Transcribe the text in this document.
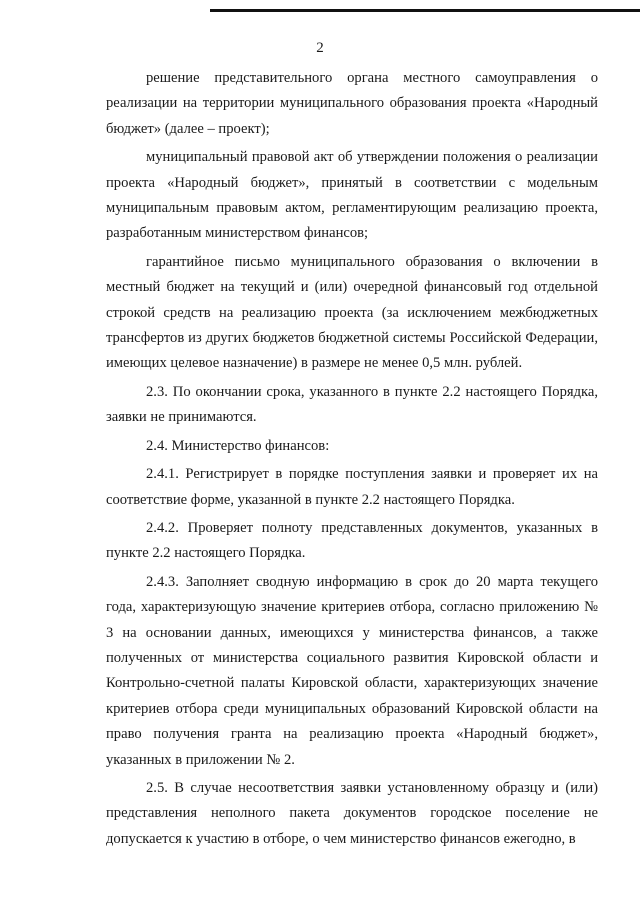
2

решение представительного органа местного самоуправления о реализации на территории муниципального образования проекта «Народный бюджет» (далее – проект);

муниципальный правовой акт об утверждении положения о реализации проекта «Народный бюджет», принятый в соответствии с модельным муниципальным правовым актом, регламентирующим реализацию проекта, разработанным министерством финансов;

гарантийное письмо муниципального образования о включении в местный бюджет на текущий и (или) очередной финансовый год отдельной строкой средств на реализацию проекта (за исключением межбюджетных трансфертов из других бюджетов бюджетной системы Российской Федерации, имеющих целевое назначение) в размере не менее 0,5 млн. рублей.

2.3. По окончании срока, указанного в пункте 2.2 настоящего Порядка, заявки не принимаются.

2.4. Министерство финансов:

2.4.1. Регистрирует в порядке поступления заявки и проверяет их на соответствие форме, указанной в пункте 2.2 настоящего Порядка.

2.4.2. Проверяет полноту представленных документов, указанных в пункте 2.2 настоящего Порядка.

2.4.3. Заполняет сводную информацию в срок до 20 марта текущего года, характеризующую значение критериев отбора, согласно приложению № 3 на основании данных, имеющихся у министерства финансов, а также полученных от министерства социального развития Кировской области и Контрольно-счетной палаты Кировской области, характеризующих значение критериев отбора среди муниципальных образований Кировской области на право получения гранта на реализацию проекта «Народный бюджет», указанных в приложении № 2.

2.5. В случае несоответствия заявки установленному образцу и (или) представления неполного пакета документов городское поселение не допускается к участию в отборе, о чем министерство финансов ежегодно, в
